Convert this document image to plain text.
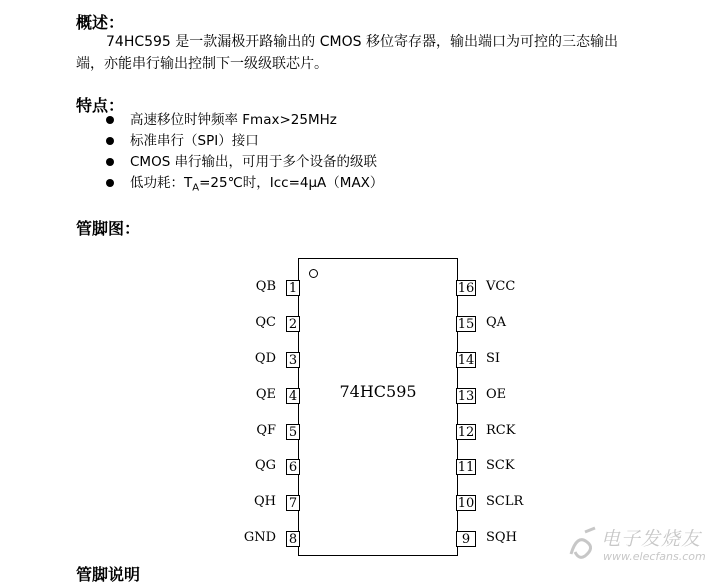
概述：
74HC595 是一款漏极开路输出的 CMOS 移位寄存器，输出端口为可控的三态输出
端，亦能串行输出控制下一级级联芯片。
特点：
高速移位时钟频率 Fmax>25MHz
标准串行（SPI）接口
CMOS 串行输出，可用于多个设备的级联
低功耗：$T_A=25℃$时，Icc=4μA（MAX）
管脚图：
74HC595
QB 1
QC 2
QD 3
QE 4
QF 5
QG 6
QH 7
GND 8
16 VCC
15 QA
14 SI
13 OE
12 RCK
11 SCK
10 SCLR
9	SQH	电子发烧友
www.elecfans.com
管脚说明
